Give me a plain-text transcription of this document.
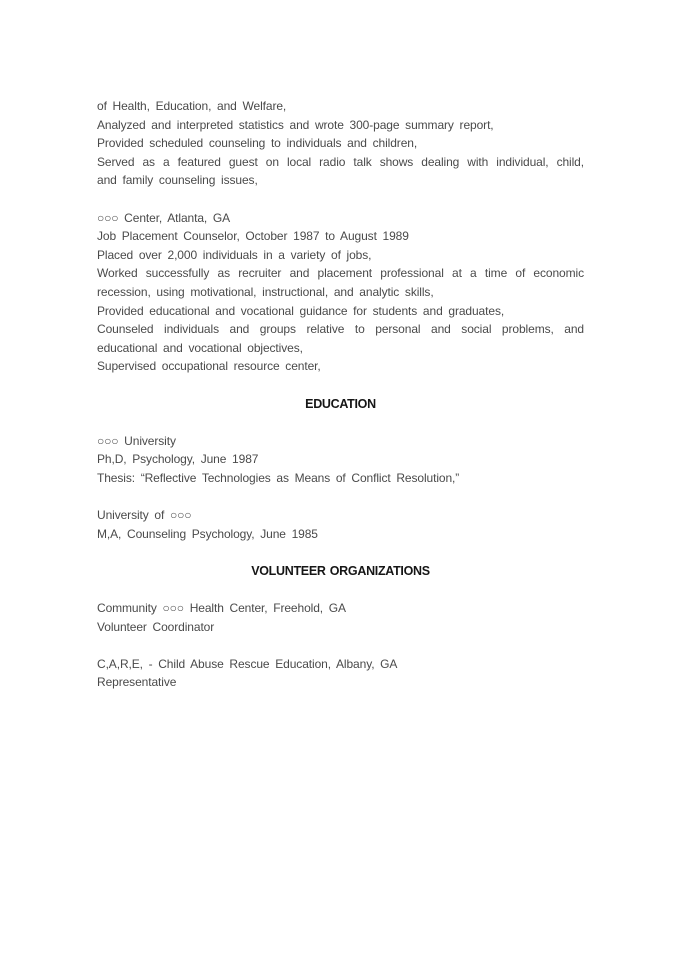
of Health, Education, and Welfare,
Analyzed and interpreted statistics and wrote 300-page summary report,
Provided scheduled counseling to individuals and children,
Served as a featured guest on local radio talk shows dealing with individual, child,
and family counseling issues,
○○○ Center, Atlanta, GA
Job Placement Counselor, October 1987 to August 1989
Placed over 2,000 individuals in a variety of jobs,
Worked successfully as recruiter and placement professional at a time of economic
recession, using motivational, instructional, and analytic skills,
Provided educational and vocational guidance for students and graduates,
Counseled individuals and groups relative to personal and social problems, and
educational and vocational objectives,
Supervised occupational resource center,
EDUCATION
○○○ University
Ph,D, Psychology, June 1987
Thesis: “Reflective Technologies as Means of Conflict Resolution,”
University of ○○○
M,A, Counseling Psychology, June 1985
VOLUNTEER ORGANIZATIONS
Community ○○○ Health Center, Freehold, GA
Volunteer Coordinator
C,A,R,E, - Child Abuse Rescue Education, Albany, GA
Representative
